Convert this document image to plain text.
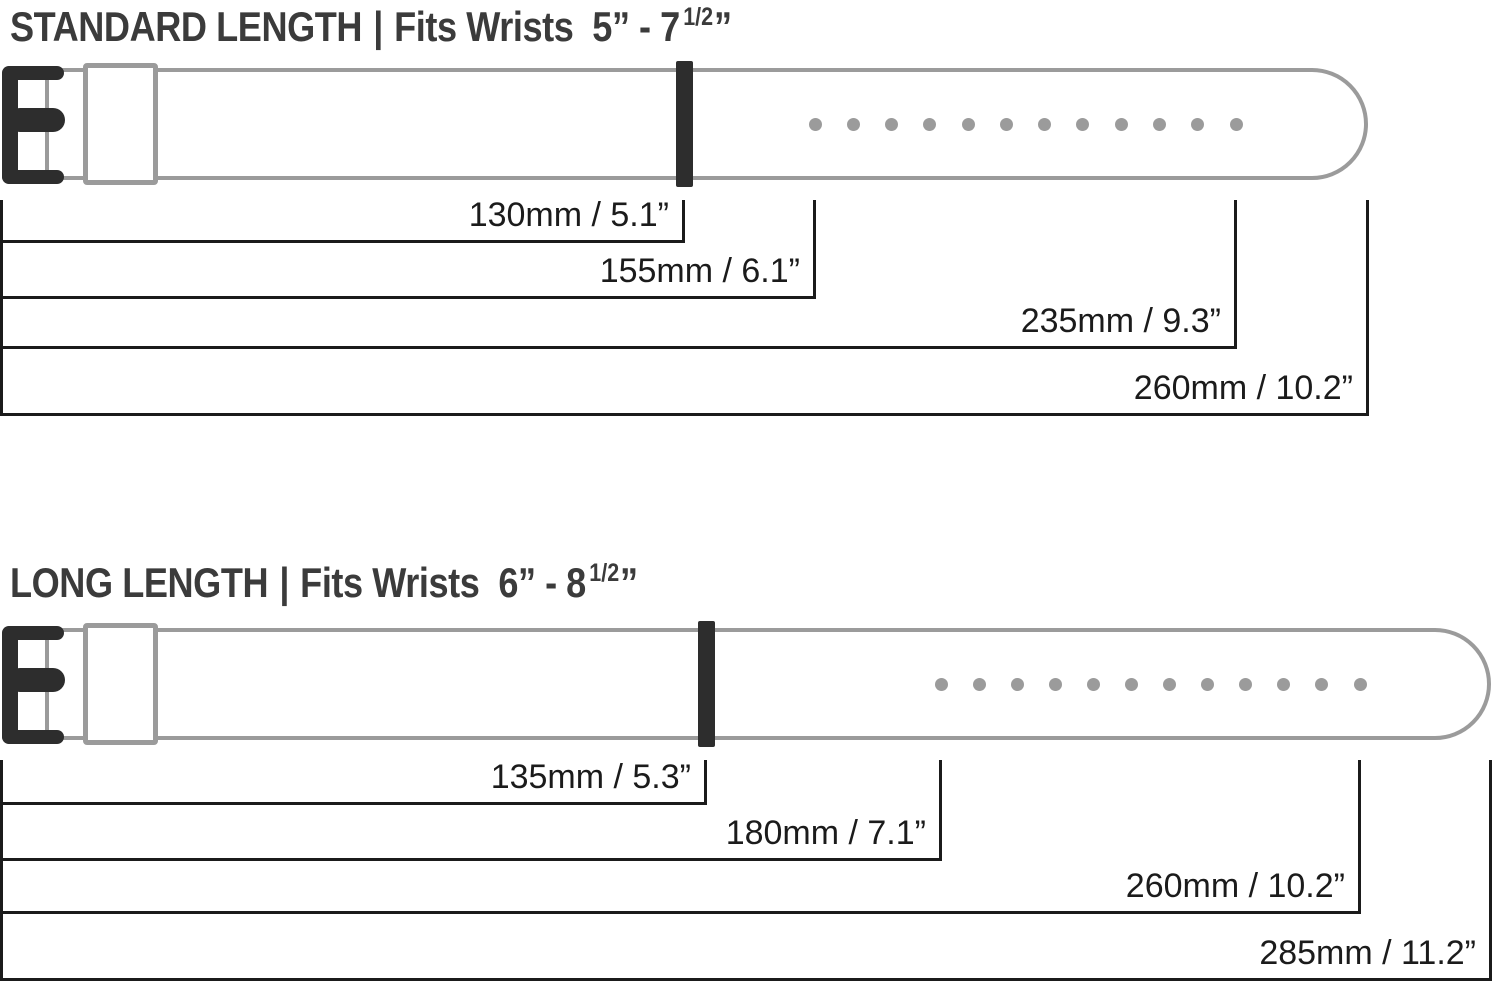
STANDARD LENGTH | Fits Wrists 5” - 7 $^{1/2}$”
LONG LENGTH | Fits Wrists 6” - 8 $^{1/2}$”
130mm / 5.1”
155mm / 6.1”
235mm / 9.3”
260mm / 10.2”
135mm / 5.3”
180mm / 7.1”
260mm / 10.2”
285mm / 11.2”
